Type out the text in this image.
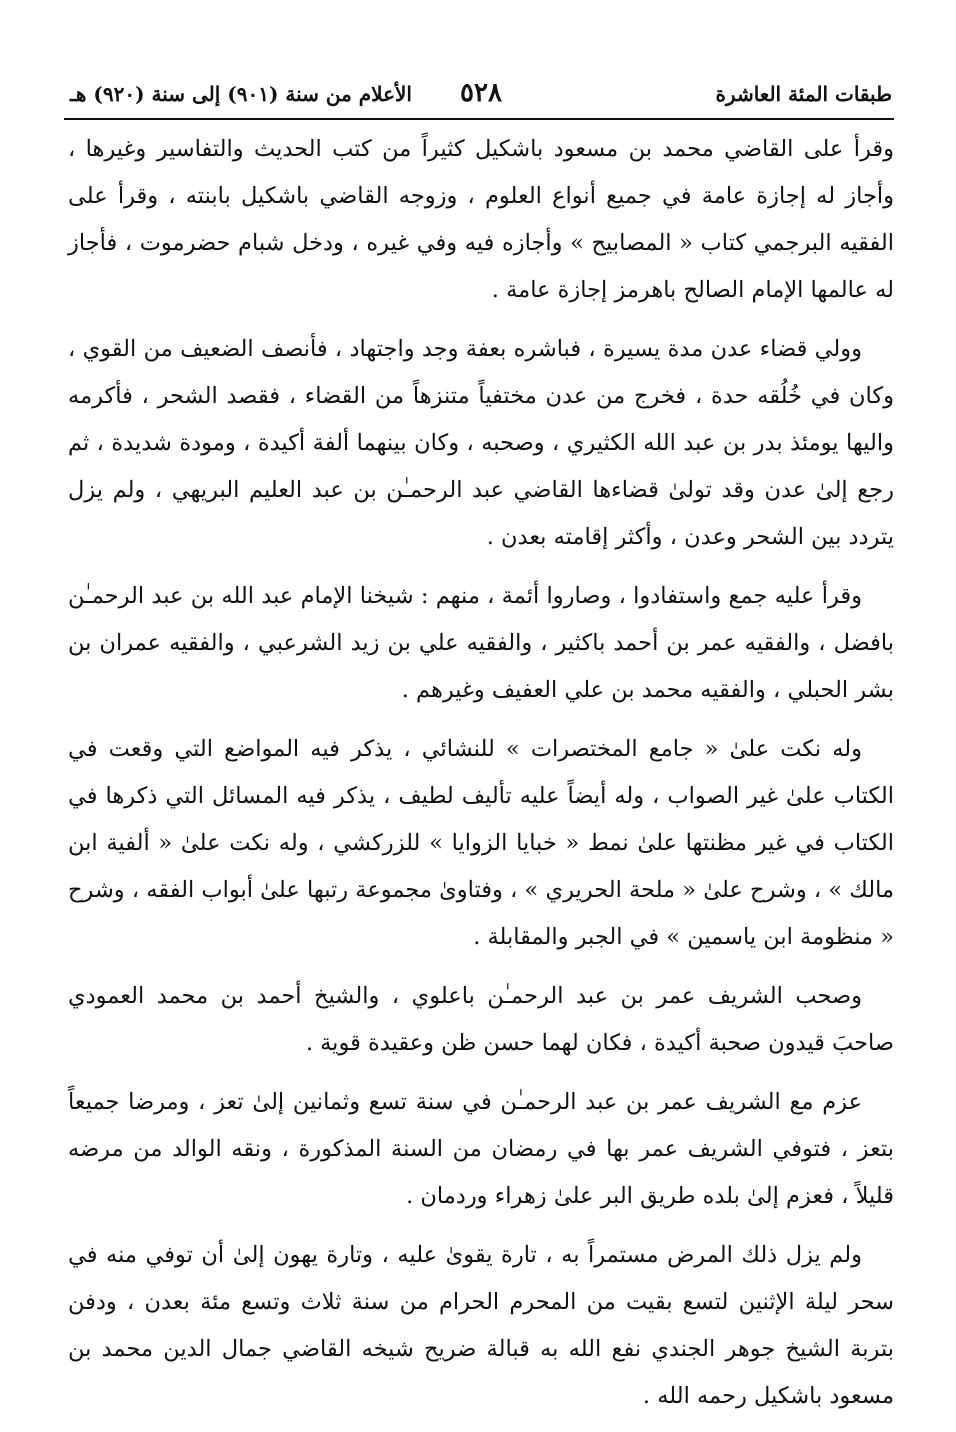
طبقات المئة العاشرة
٥٢٨
الأعلام من سنة (٩٠١) إلى سنة (٩٢٠) هـ

وقرأ على القاضي محمد بن مسعود باشكيل كثيراً من كتب الحديث والتفاسير وغيرها ، وأجاز له إجازة عامة في جميع أنواع العلوم ، وزوجه القاضي باشكيل بابنته ، وقرأ على الفقيه البرجمي كتاب « المصابيح » وأجازه فيه وفي غيره ، ودخل شبام حضرموت ، فأجاز له عالمها الإمام الصالح باهرمز إجازة عامة .

وولي قضاء عدن مدة يسيرة ، فباشره بعفة وجد واجتهاد ، فأنصف الضعيف من القوي ، وكان في خُلُقه حدة ، فخرج من عدن مختفياً متنزهاً من القضاء ، فقصد الشحر ، فأكرمه واليها يومئذ بدر بن عبد الله الكثيري ، وصحبه ، وكان بينهما ألفة أكيدة ، ومودة شديدة ، ثم رجع إلىٰ عدن وقد تولىٰ قضاءها القاضي عبد الرحمـٰن بن عبد العليم البريهي ، ولم يزل يتردد بين الشحر وعدن ، وأكثر إقامته بعدن .

وقرأ عليه جمع واستفادوا ، وصاروا أئمة ، منهم : شيخنا الإمام عبد الله بن عبد الرحمـٰن بافضل ، والفقيه عمر بن أحمد باكثير ، والفقيه علي بن زيد الشرعبي ، والفقيه عمران بن بشر الحبلي ، والفقيه محمد بن علي العفيف وغيرهم .

وله نكت علىٰ « جامع المختصرات » للنشائي ، يذكر فيه المواضع التي وقعت في الكتاب علىٰ غير الصواب ، وله أيضاً عليه تأليف لطيف ، يذكر فيه المسائل التي ذكرها في الكتاب في غير مظنتها علىٰ نمط « خبايا الزوايا » للزركشي ، وله نكت علىٰ « ألفية ابن مالك » ، وشرح علىٰ « ملحة الحريري » ، وفتاوىٰ مجموعة رتبها علىٰ أبواب الفقه ، وشرح « منظومة ابن ياسمين » في الجبر والمقابلة .

وصحب الشريف عمر بن عبد الرحمـٰن باعلوي ، والشيخ أحمد بن محمد العمودي صاحبَ قيدون صحبة أكيدة ، فكان لهما حسن ظن وعقيدة قوية .

عزم مع الشريف عمر بن عبد الرحمـٰن في سنة تسع وثمانين إلىٰ تعز ، ومرضا جميعاً بتعز ، فتوفي الشريف عمر بها في رمضان من السنة المذكورة ، ونقه الوالد من مرضه قليلاً ، فعزم إلىٰ بلده طريق البر علىٰ زهراء وردمان .

ولم يزل ذلك المرض مستمراً به ، تارة يقوىٰ عليه ، وتارة يهون إلىٰ أن توفي منه في سحر ليلة الإثنين لتسع بقيت من المحرم الحرام من سنة ثلاث وتسع مئة بعدن ، ودفن بتربة الشيخ جوهر الجندي نفع الله به قبالة ضريح شيخه القاضي جمال الدين محمد بن مسعود باشكيل رحمه الله .
